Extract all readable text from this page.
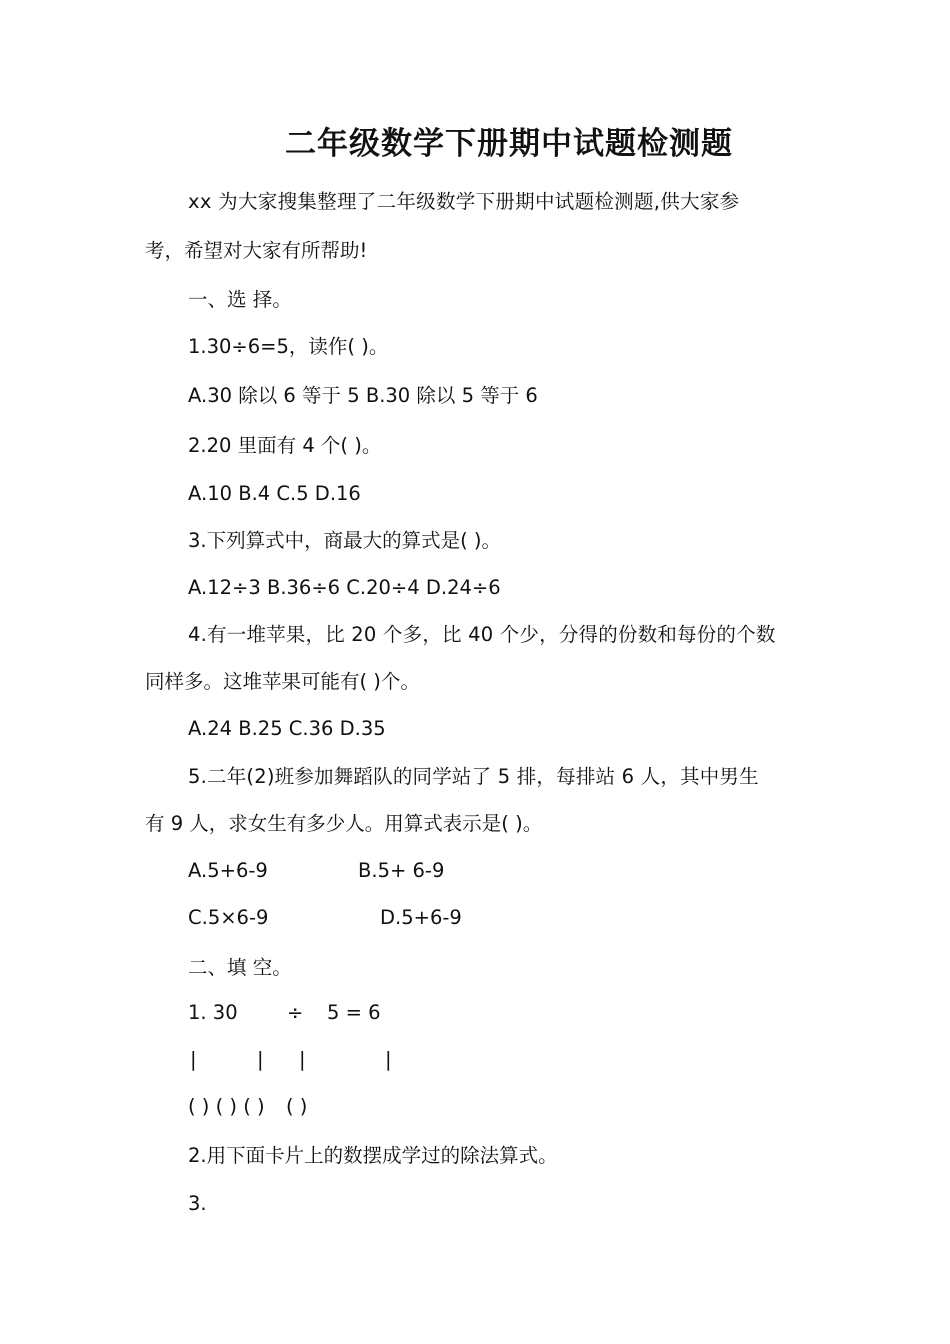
二年级数学下册期中试题检测题
xx 为大家搜集整理了二年级数学下册期中试题检测题,供大家参
考，希望对大家有所帮助!
一、选 择。
1.30÷6=5，读作( )。
A.30 除以 6 等于 5 B.30 除以 5 等于 6
2.20 里面有 4 个( )。
A.10 B.4 C.5 D.16
3.下列算式中，商最大的算式是( )。
A.12÷3 B.36÷6 C.20÷4 D.24÷6
4.有一堆苹果，比 20 个多，比 40 个少，分得的份数和每份的个数
同样多。这堆苹果可能有( )个。
A.24 B.25 C.36 D.35
5.二年(2)班参加舞蹈队的同学站了 5 排，每排站 6 人，其中男生
有 9 人，求女生有多少人。用算式表示是( )。
A.5+6-9	B.5+ 6-9
C.5×6-9	D.5+6-9
二、填 空。
1. 30	÷ 5 = 6
|	| |	|
( ) ( ) ( ) ( )
2.用下面卡片上的数摆成学过的除法算式。
3.
